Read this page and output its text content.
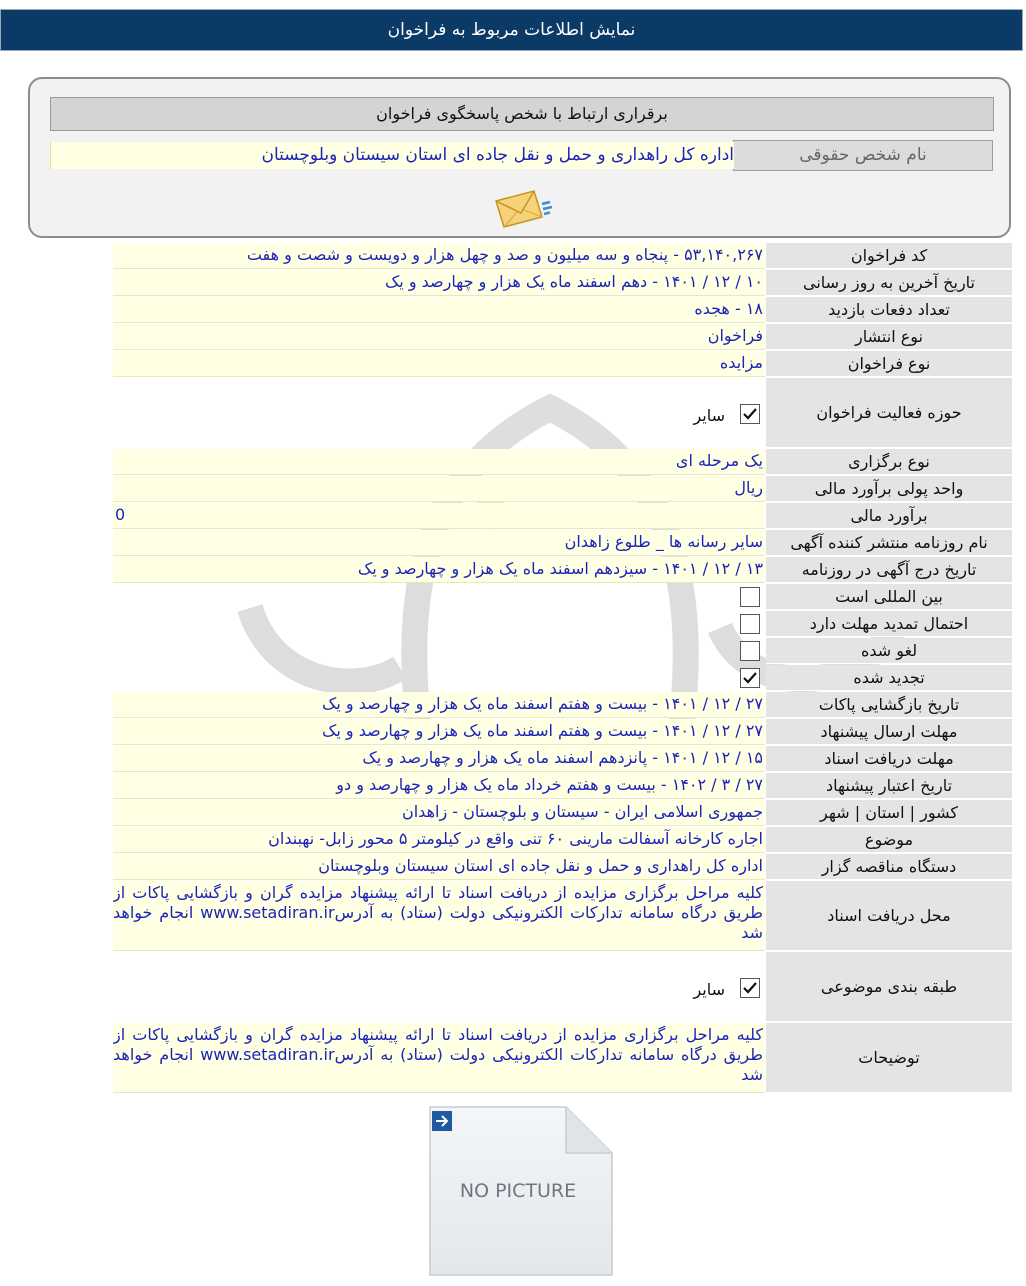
نمایش اطلاعات مربوط به فراخوان
برقراری ارتباط با شخص پاسخگوی فراخوان
نام شخص حقوقی
اداره کل راهداری و حمل و نقل جاده ای استان سیستان وبلوچستان
کد فراخوان
۵۳,۱۴۰,۲۶۷ - پنجاه و سه میلیون و صد و چهل هزار و دویست و شصت و هفت
تاریخ آخرین به روز رسانی
۱۰ / ۱۲ / ۱۴۰۱ - دهم اسفند ماه یک هزار و چهارصد و یک
تعداد دفعات بازدید
۱۸ - هجده
نوع انتشار
فراخوان
نوع فراخوان
مزایده
حوزه فعالیت فراخوان
سایر
نوع برگزاری
یک مرحله ای
واحد پولی برآورد مالی
ریال
برآورد مالی
0
نام روزنامه منتشر کننده آگهی
سایر رسانه ها _ طلوع زاهدان
تاریخ درج آگهی در روزنامه
۱۳ / ۱۲ / ۱۴۰۱ - سیزدهم اسفند ماه یک هزار و چهارصد و یک
بین المللی است
احتمال تمدید مهلت دارد
لغو شده
تجدید شده
تاریخ بازگشایی پاکات
۲۷ / ۱۲ / ۱۴۰۱ - بیست و هفتم اسفند ماه یک هزار و چهارصد و یک
مهلت ارسال پیشنهاد
۲۷ / ۱۲ / ۱۴۰۱ - بیست و هفتم اسفند ماه یک هزار و چهارصد و یک
مهلت دریافت اسناد
۱۵ / ۱۲ / ۱۴۰۱ - پانزدهم اسفند ماه یک هزار و چهارصد و یک
تاریخ اعتبار پیشنهاد
۲۷ / ۳ / ۱۴۰۲ - بیست و هفتم خرداد ماه یک هزار و چهارصد و دو
کشور | استان | شهر
جمهوری اسلامی ایران - سیستان و بلوچستان - زاهدان
موضوع
اجاره کارخانه آسفالت مارینی ۶۰ تنی واقع در کیلومتر ۵ محور زابل- نهبندان
دستگاه مناقصه گزار
اداره کل راهداری و حمل و نقل جاده ای استان سیستان وبلوچستان
محل دریافت اسناد
کلیه مراحل برگزاری مزایده از دریافت اسناد تا ارائه پیشنهاد مزایده گران و بازگشایی پاکات از طریق درگاه سامانه تدارکات الکترونیکی دولت (ستاد) به آدرسwww.setadiran.ir انجام خواهد شد
طبقه بندی موضوعی
سایر
توضیحات
کلیه مراحل برگزاری مزایده از دریافت اسناد تا ارائه پیشنهاد مزایده گران و بازگشایی پاکات از طریق درگاه سامانه تدارکات الکترونیکی دولت (ستاد) به آدرسwww.setadiran.ir انجام خواهد شد
NO PICTURE
